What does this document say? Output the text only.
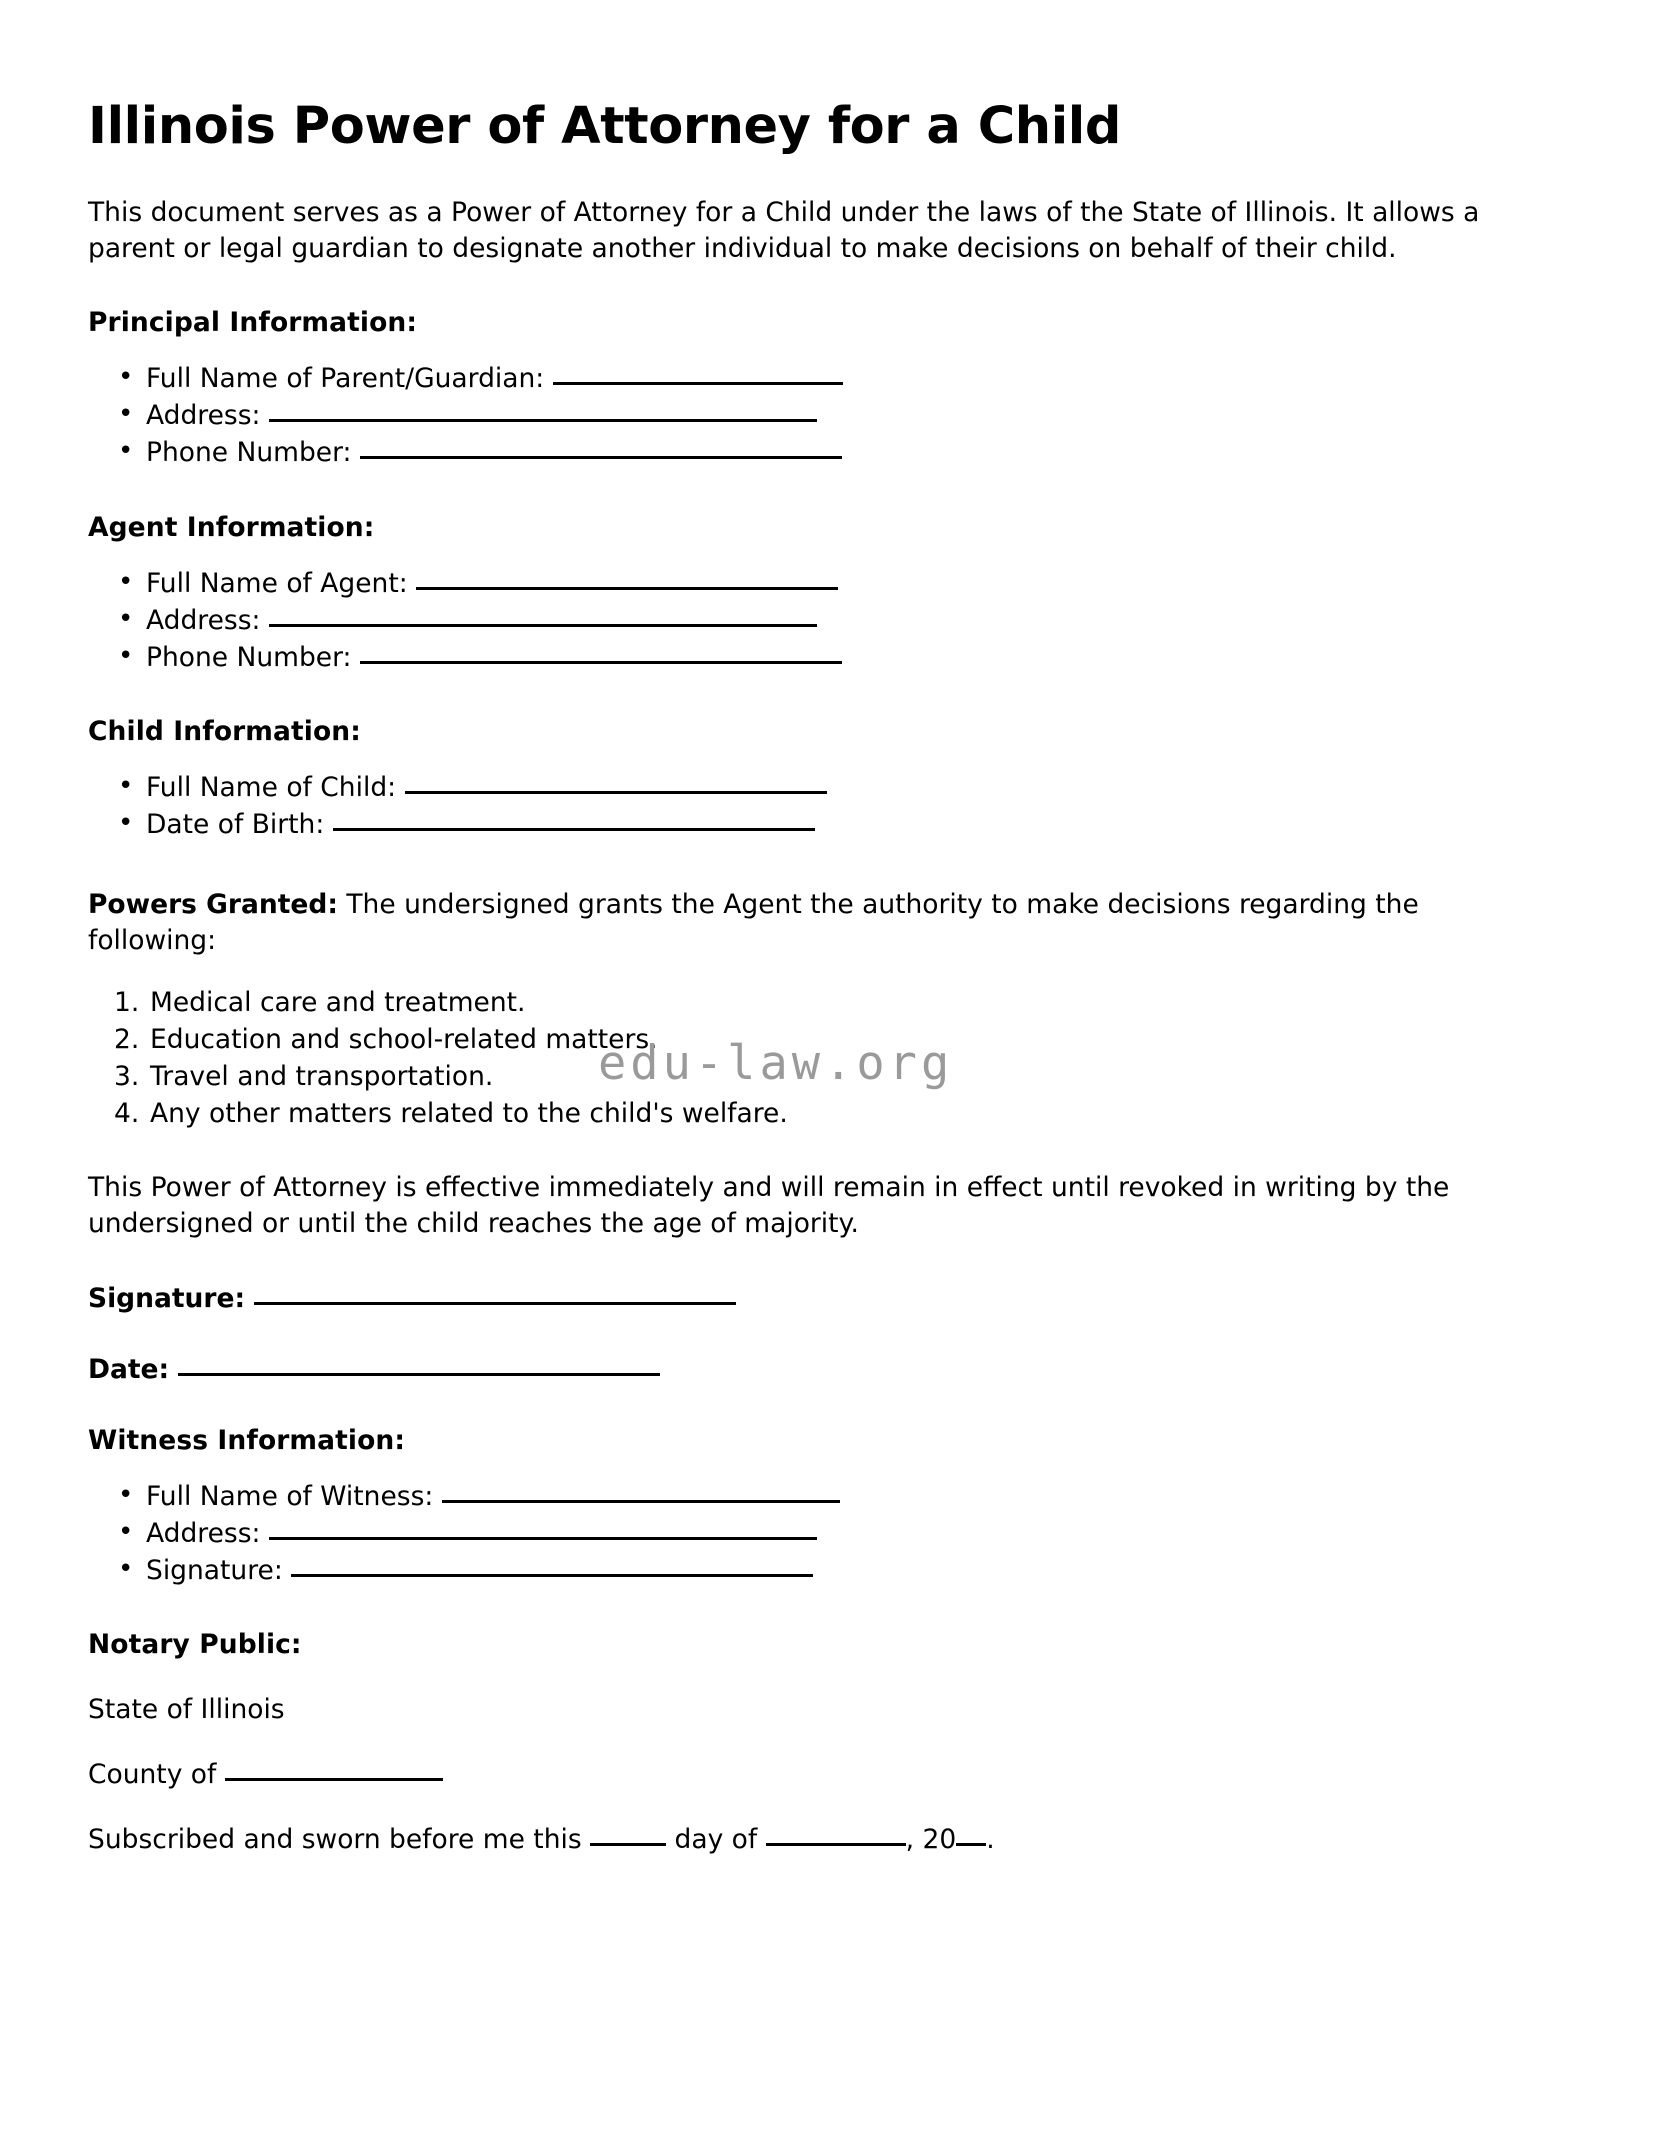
edu-law.org
Illinois Power of Attorney for a Child

This document serves as a Power of Attorney for a Child under the laws of the State of Illinois. It allows a parent or legal guardian to designate another individual to make decisions on behalf of their child.

Principal Information:
• Full Name of Parent/Guardian:
• Address:
• Phone Number:
Agent Information:
• Full Name of Agent:
• Address:
• Phone Number:
Child Information:
• Full Name of Child:
• Date of Birth:

Powers Granted: The undersigned grants the Agent the authority to make decisions regarding the following:

Medical care and treatment.
Education and school-related matters.
Travel and transportation.
Any other matters related to the child's welfare.

This Power of Attorney is effective immediately and will remain in effect until revoked in writing by the undersigned or until the child reaches the age of majority.

Signature:

Date:

Witness Information:
• Full Name of Witness:
• Address:
• Signature:
Notary Public:

State of Illinois

County of

Subscribed and sworn before me this	day of	, 20 .
